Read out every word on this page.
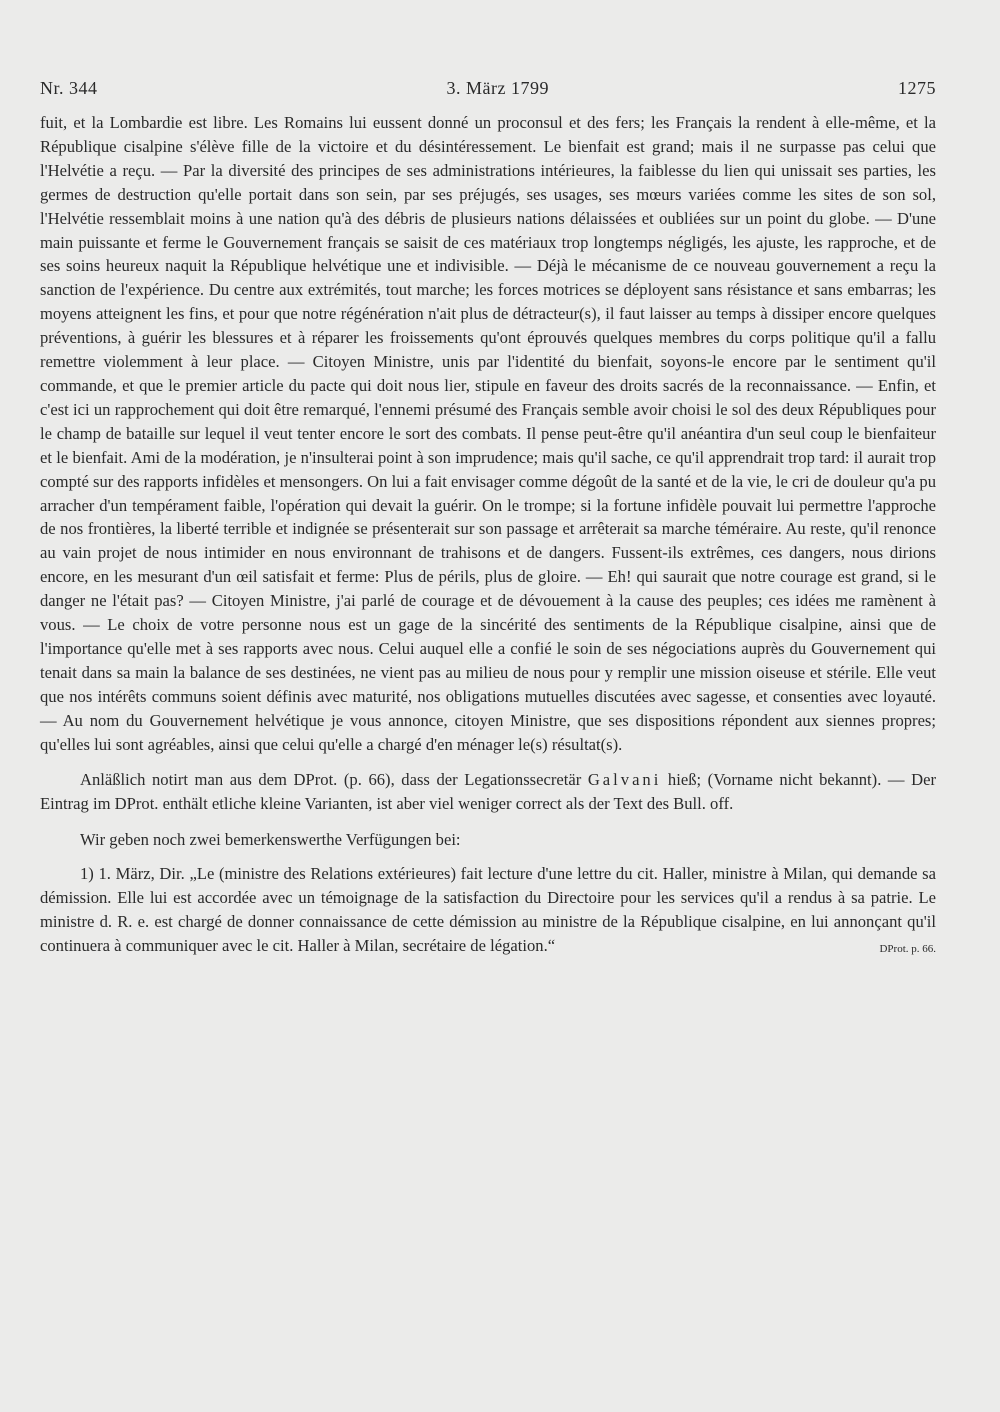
Nr. 344	3. März 1799	1275

fuit, et la Lombardie est libre. Les Romains lui eussent donné un proconsul et des fers; les Français la rendent à elle-même, et la République cisalpine s'élève fille de la victoire et du désintéressement. Le bienfait est grand; mais il ne surpasse pas celui que l'Helvétie a reçu. — Par la diversité des principes de ses administrations intérieures, la faiblesse du lien qui unissait ses parties, les germes de destruction qu'elle portait dans son sein, par ses préjugés, ses usages, ses mœurs variées comme les sites de son sol, l'Helvétie ressemblait moins à une nation qu'à des débris de plusieurs nations délaissées et oubliées sur un point du globe. — D'une main puissante et ferme le Gouvernement français se saisit de ces matériaux trop longtemps négligés, les ajuste, les rapproche, et de ses soins heureux naquit la République helvétique une et indivisible. — Déjà le mécanisme de ce nouveau gouvernement a reçu la sanction de l'expérience. Du centre aux extrémités, tout marche; les forces motrices se déployent sans résistance et sans embarras; les moyens atteignent les fins, et pour que notre régénération n'ait plus de détracteur(s), il faut laisser au temps à dissiper encore quelques préventions, à guérir les blessures et à réparer les froissements qu'ont éprouvés quelques membres du corps politique qu'il a fallu remettre violemment à leur place. — Citoyen Ministre, unis par l'identité du bienfait, soyons-le encore par le sentiment qu'il commande, et que le premier article du pacte qui doit nous lier, stipule en faveur des droits sacrés de la reconnaissance. — Enfin, et c'est ici un rapprochement qui doit être remarqué, l'ennemi présumé des Français semble avoir choisi le sol des deux Républiques pour le champ de bataille sur lequel il veut tenter encore le sort des combats. Il pense peut-être qu'il anéantira d'un seul coup le bienfaiteur et le bienfait. Ami de la modération, je n'insulterai point à son imprudence; mais qu'il sache, ce qu'il apprendrait trop tard: il aurait trop compté sur des rapports infidèles et mensongers. On lui a fait envisager comme dégoût de la santé et de la vie, le cri de douleur qu'a pu arracher d'un tempérament faible, l'opération qui devait la guérir. On le trompe; si la fortune infidèle pouvait lui permettre l'approche de nos frontières, la liberté terrible et indignée se présenterait sur son passage et arrêterait sa marche téméraire. Au reste, qu'il renonce au vain projet de nous intimider en nous environnant de trahisons et de dangers. Fussent-ils extrêmes, ces dangers, nous dirions encore, en les mesurant d'un œil satisfait et ferme: Plus de périls, plus de gloire. — Eh! qui saurait que notre courage est grand, si le danger ne l'était pas? — Citoyen Ministre, j'ai parlé de courage et de dévouement à la cause des peuples; ces idées me ramènent à vous. — Le choix de votre personne nous est un gage de la sincérité des sentiments de la République cisalpine, ainsi que de l'importance qu'elle met à ses rapports avec nous. Celui auquel elle a confié le soin de ses négociations auprès du Gouvernement qui tenait dans sa main la balance de ses destinées, ne vient pas au milieu de nous pour y remplir une mission oiseuse et stérile. Elle veut que nos intérêts communs soient définis avec maturité, nos obligations mutuelles discutées avec sagesse, et consenties avec loyauté. — Au nom du Gouvernement helvétique je vous annonce, citoyen Ministre, que ses dispositions répondent aux siennes propres; qu'elles lui sont agréables, ainsi que celui qu'elle a chargé d'en ménager le(s) résultat(s).

Anläßlich notirt man aus dem DProt. (p. 66), dass der Legationssecretär Galvani hieß; (Vorname nicht bekannt). — Der Eintrag im DProt. enthält etliche kleine Varianten, ist aber viel weniger correct als der Text des Bull. off.

Wir geben noch zwei bemerkenswerthe Verfügungen bei:

1) 1. März, Dir. „Le (ministre des Relations extérieures) fait lecture d'une lettre du cit. Haller, ministre à Milan, qui demande sa démission. Elle lui est accordée avec un témoignage de la satisfaction du Directoire pour les services qu'il a rendus à sa patrie. Le ministre d. R. e. est chargé de donner connaissance de cette démission au ministre de la République cisalpine, en lui annonçant qu'il continuera à communiquer avec le cit. Haller à Milan, secrétaire de légation.“	DProt. p. 66.
